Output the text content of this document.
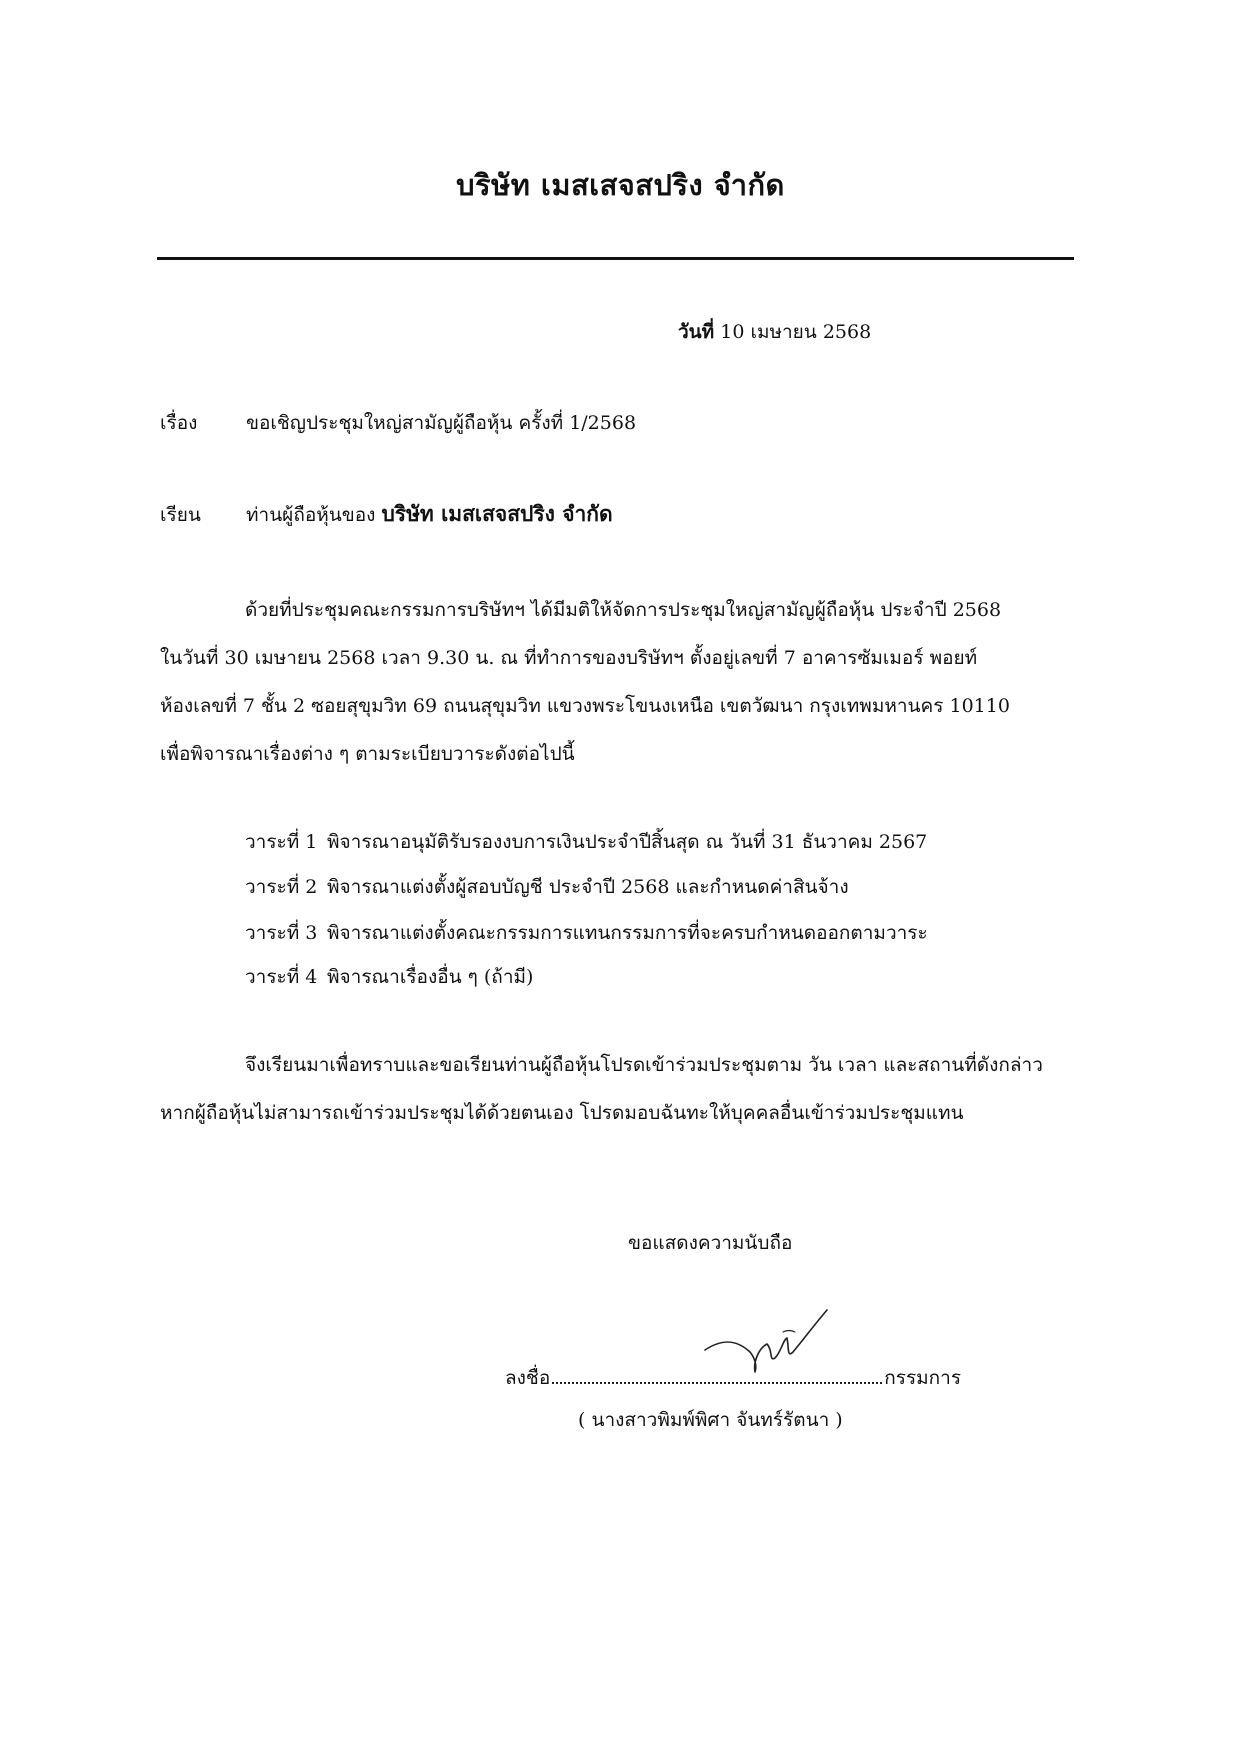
บริษัท เมสเสจสปริง จำกัด
วันที่ 10 เมษายน 2568
เรื่อง	ขอเชิญประชุมใหญ่สามัญผู้ถือหุ้น ครั้งที่ 1/2568
เรียน ท่านผู้ถือหุ้นของ บริษัท เมสเสจสปริง จำกัด
ด้วยที่ประชุมคณะกรรมการบริษัทฯ ได้มีมติให้จัดการประชุมใหญ่สามัญผู้ถือหุ้น ประจำปี 2568
ในวันที่ 30 เมษายน 2568 เวลา 9.30 น. ณ ที่ทำการของบริษัทฯ ตั้งอยู่เลขที่ 7 อาคารซัมเมอร์ พอยท์
ห้องเลขที่ 7 ชั้น 2 ซอยสุขุมวิท 69 ถนนสุขุมวิท แขวงพระโขนงเหนือ เขตวัฒนา กรุงเทพมหานคร 10110
เพื่อพิจารณาเรื่องต่าง ๆ ตามระเบียบวาระดังต่อไปนี้
วาระที่ 1 พิจารณาอนุมัติรับรองงบการเงินประจำปีสิ้นสุด ณ วันที่ 31 ธันวาคม 2567
วาระที่ 2 พิจารณาแต่งตั้งผู้สอบบัญชี ประจำปี 2568 และกำหนดค่าสินจ้าง
วาระที่ 3 พิจารณาแต่งตั้งคณะกรรมการแทนกรรมการที่จะครบกำหนดออกตามวาระ
วาระที่ 4 พิจารณาเรื่องอื่น ๆ (ถ้ามี)
จึงเรียนมาเพื่อทราบและขอเรียนท่านผู้ถือหุ้นโปรดเข้าร่วมประชุมตาม วัน เวลา และสถานที่ดังกล่าว
หากผู้ถือหุ้นไม่สามารถเข้าร่วมประชุมได้ด้วยตนเอง โปรดมอบฉันทะให้บุคคลอื่นเข้าร่วมประชุมแทน
ขอแสดงความนับถือ
ลงชื่อ	กรรมการ
( นางสาวพิมพ์พิศา จันทร์รัตนา )
